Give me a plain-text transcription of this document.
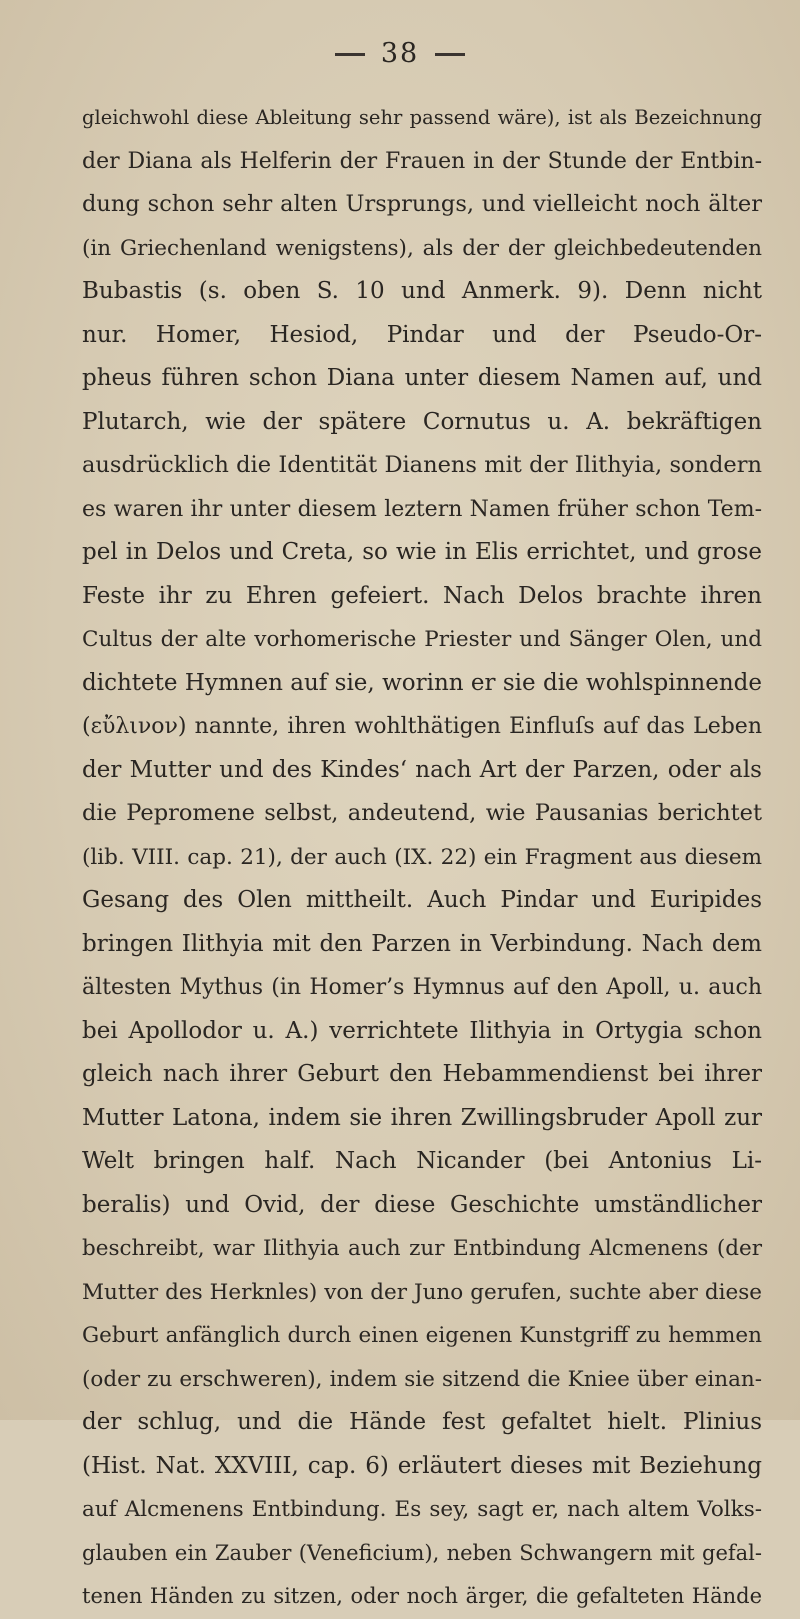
38
gleichwohl diese Ableitung sehr passend wäre), ist als Bezeichnung
der Diana als Helferin der Frauen in der Stunde der Entbin-
dung schon sehr alten Ursprungs, und vielleicht noch älter
(in Griechenland wenigstens), als der der gleichbedeutenden
Bubastis (s. oben S. 10 und Anmerk. 9). Denn nicht
nur. Homer, Hesiod, Pindar und der Pseudo-Or-
pheus führen schon Diana unter diesem Namen auf, und
Plutarch, wie der spätere Cornutus u. A. bekräftigen
ausdrücklich die Identität Dianens mit der Ilithyia, sondern
es waren ihr unter diesem leztern Namen früher schon Tem-
pel in Delos und Creta, so wie in Elis errichtet, und grose
Feste ihr zu Ehren gefeiert. Nach Delos brachte ihren
Cultus der alte vorhomerische Priester und Sänger Olen, und
dichtete Hymnen auf sie, worinn er sie die wohlspinnende
(εὔλινον) nannte, ihren wohlthätigen Einfluſs auf das Leben
der Mutter und des Kindes‘ nach Art der Parzen, oder als
die Pepromene selbst, andeutend, wie Pausanias berichtet
(lib. VIII. cap. 21), der auch (IX. 22) ein Fragment aus diesem
Gesang des Olen mittheilt. Auch Pindar und Euripides
bringen Ilithyia mit den Parzen in Verbindung. Nach dem
ältesten Mythus (in Homer’s Hymnus auf den Apoll, u. auch
bei Apollodor u. A.) verrichtete Ilithyia in Ortygia schon
gleich nach ihrer Geburt den Hebammendienst bei ihrer
Mutter Latona, indem sie ihren Zwillingsbruder Apoll zur
Welt bringen half. Nach Nicander (bei Antonius Li-
beralis) und Ovid, der diese Geschichte umständlicher
beschreibt, war Ilithyia auch zur Entbindung Alcmenens (der
Mutter des Herknles) von der Juno gerufen, suchte aber diese
Geburt anfänglich durch einen eigenen Kunstgriff zu hemmen
(oder zu erschweren), indem sie sitzend die Kniee über einan-
der schlug, und die Hände fest gefaltet hielt. Plinius
(Hist. Nat. XXVIII, cap. 6) erläutert dieses mit Beziehung
auf Alcmenens Entbindung. Es sey, sagt er, nach altem Volks-
glauben ein Zauber (Veneficium), neben Schwangern mit gefal-
tenen Händen zu sitzen, oder noch ärger, die gefalteten Hände
